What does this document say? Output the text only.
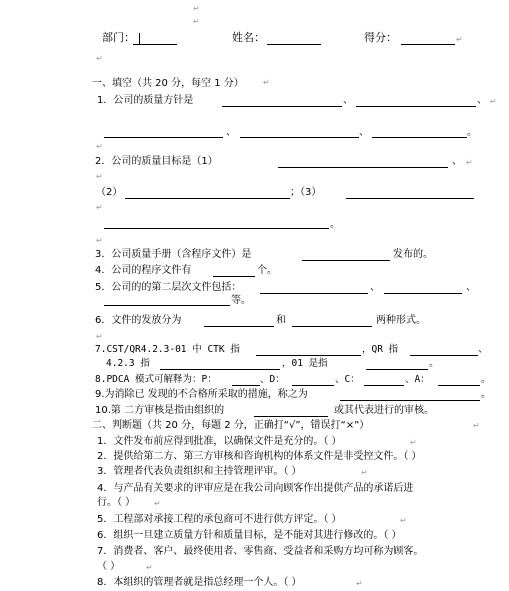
↵
↵
部门：	姓名：	得分：	↵
↵
一、填空（共 20 分，每空 1 分） ↵
1．公司的质量方针是	、	、 ↵
、	、	。
↵
2．公司的质量目标是（1）	、 ↵
↵
（2）	；（3）
↵
。
↵
3．公司质量手册（含程序文件）是	发布的。
4．公司的程序文件有	个。
5．公司的的第二层次文件包括：	、	、
等。
6．文件的发放分为	和	两种形式。
↵
7.CST/QR4.2.3-01 中 CTK 指	，QR 指	、
4.2.3 指	，01 是指	。
8.PDCA 模式可解释为：P：	、D：	、C：	、A：	。
9.为消除已 发现的不合格所采取的措施，称之为	。
10.第 二方审核是指由组织的	或其代表进行的审核。
二、判断题（共 20 分，每题 2 分，正确打“√”，错误打“×”）	↵
1．文件发布前应得到批准，以确保文件是充分的。（ ）	↵
2．提供给第二方、第三方审核和咨询机构的体系文件是非受控文件。（ ）
3．管理者代表负责组织和主持管理评审。（ ）	↵
4．与产品有关要求的评审应是在我公司向顾客作出提供产品的承诺后进
行。（ ） ↵
5．工程部对承接工程的承包商可不进行供方评定。（ ）	↵
6．组织一旦建立质量方针和质量目标，是不能对其进行修改的。（ ）
7．消费者、客户、最终使用者、零售商、受益者和采购方均可称为顾客。
（ ）	↵
8．本组织的管理者就是指总经理一个人。（ ）	↵
